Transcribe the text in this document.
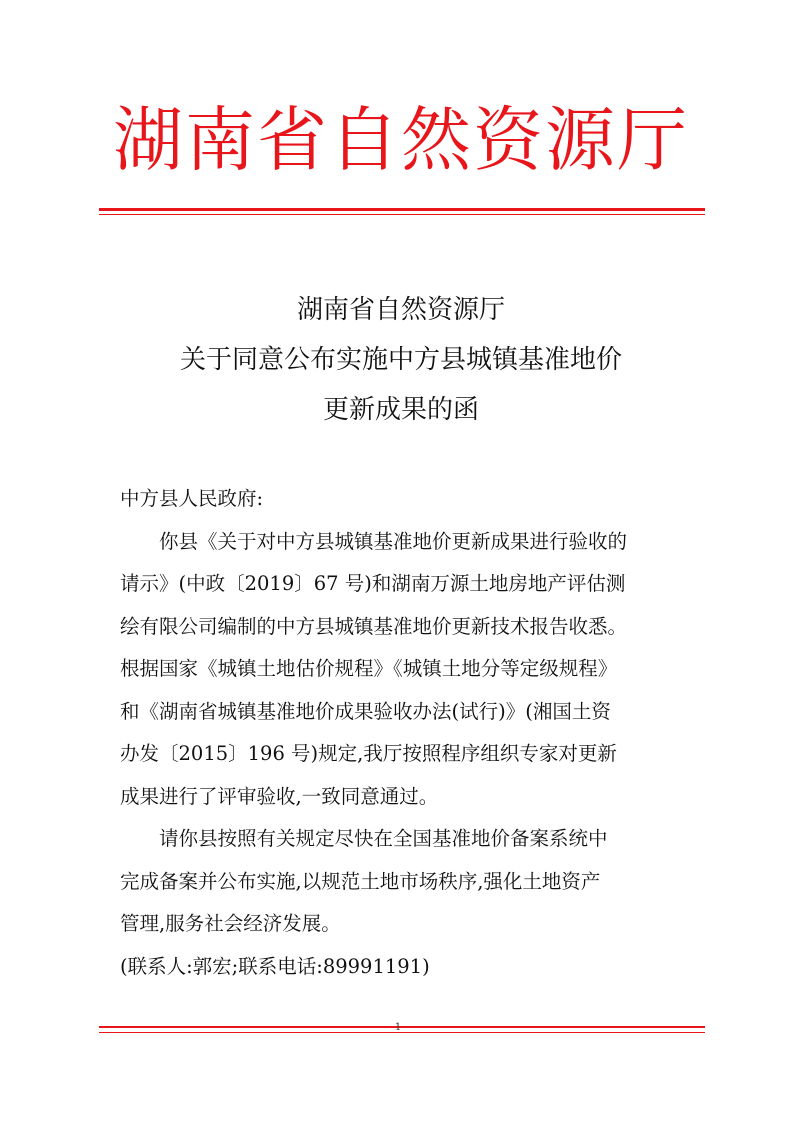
湖南省自然资源厅
湖南省自然资源厅
关于同意公布实施中方县城镇基准地价
更新成果的函

中方县人民政府:

你县《关于对中方县城镇基准地价更新成果进行验收的
请示》(中政〔2019〕67 号)和湖南万源土地房地产评估测
绘有限公司编制的中方县城镇基准地价更新技术报告收悉。
根据国家《城镇土地估价规程》《城镇土地分等定级规程》
和《湖南省城镇基准地价成果验收办法(试行)》(湘国土资
办发〔2015〕196 号)规定,我厅按照程序组织专家对更新
成果进行了评审验收,一致同意通过。
请你县按照有关规定尽快在全国基准地价备案系统中
完成备案并公布实施,以规范土地市场秩序,强化土地资产
管理,服务社会经济发展。

(联系人:郭宏;联系电话:89991191)

1
